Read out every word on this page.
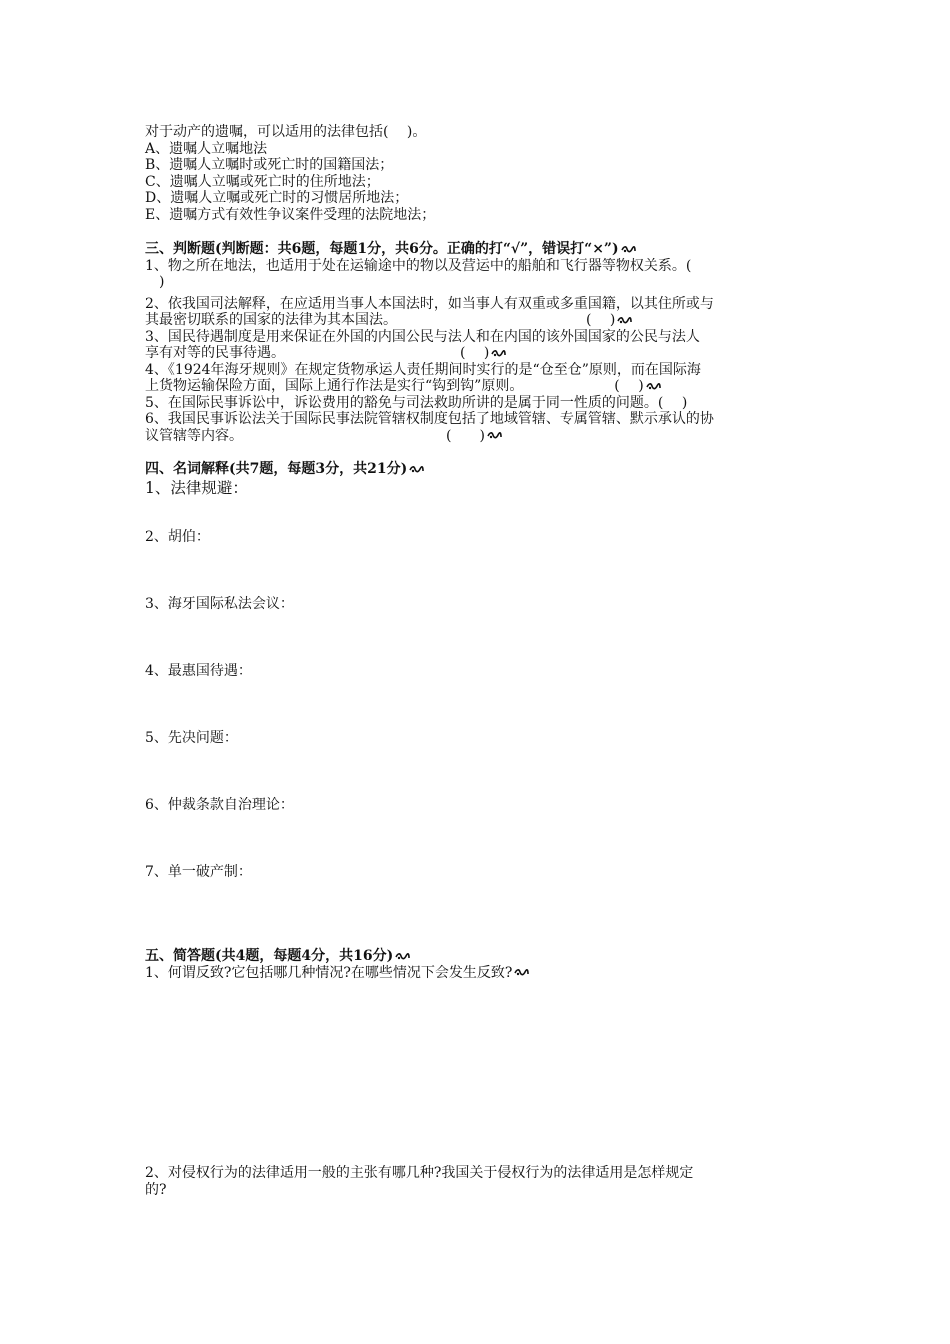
对于动产的遗嘱，可以适用的法律包括(　 )。
A、遗嘱人立嘱地法
B、遗嘱人立嘱时或死亡时的国籍国法；
C、遗嘱人立嘱或死亡时的住所地法；
D、遗嘱人立嘱或死亡时的习惯居所地法；
E、遗嘱方式有效性争议案件受理的法院地法；
三、判断题(判断题：共6题，每题1分，共6分。正确的打“√”，错误打“×”)
1、物之所在地法，也适用于处在运输途中的物以及营运中的船舶和飞行器等物权关系。(
　)
2、依我国司法解释，在应适用当事人本国法时，如当事人有双重或多重国籍，以其住所或与
其最密切联系的国家的法律为其本国法。　　　　　　　　　　　　　　(　 )
3、国民待遇制度是用来保证在外国的内国公民与法人和在内国的该外国国家的公民与法人
享有对等的民事待遇。　　　　　　　　　　　　　(　 )
4、《1924年海牙规则》在规定货物承运人责任期间时实行的是“仓至仓”原则，而在国际海
上货物运输保险方面，国际上通行作法是实行“钩到钩”原则。　　　　　　　(　 )
5、在国际民事诉讼中，诉讼费用的豁免与司法救助所讲的是属于同一性质的问题。(　 )
6、我国民事诉讼法关于国际民事法院管辖权制度包括了地域管辖、专属管辖、默示承认的协
议管辖等内容。　　　　　　　　　　　　　　　(　　)
四、名词解释(共7题，每题3分，共21分)
1、法律规避：
2、胡伯：
3、海牙国际私法会议：
4、最惠国待遇：
5、先决问题：
6、仲裁条款自治理论：
7、单一破产制：
五、简答题(共4题，每题4分，共16分)
1、何谓反致?它包括哪几种情况?在哪些情况下会发生反致?
2、对侵权行为的法律适用一般的主张有哪几种?我国关于侵权行为的法律适用是怎样规定
的?
